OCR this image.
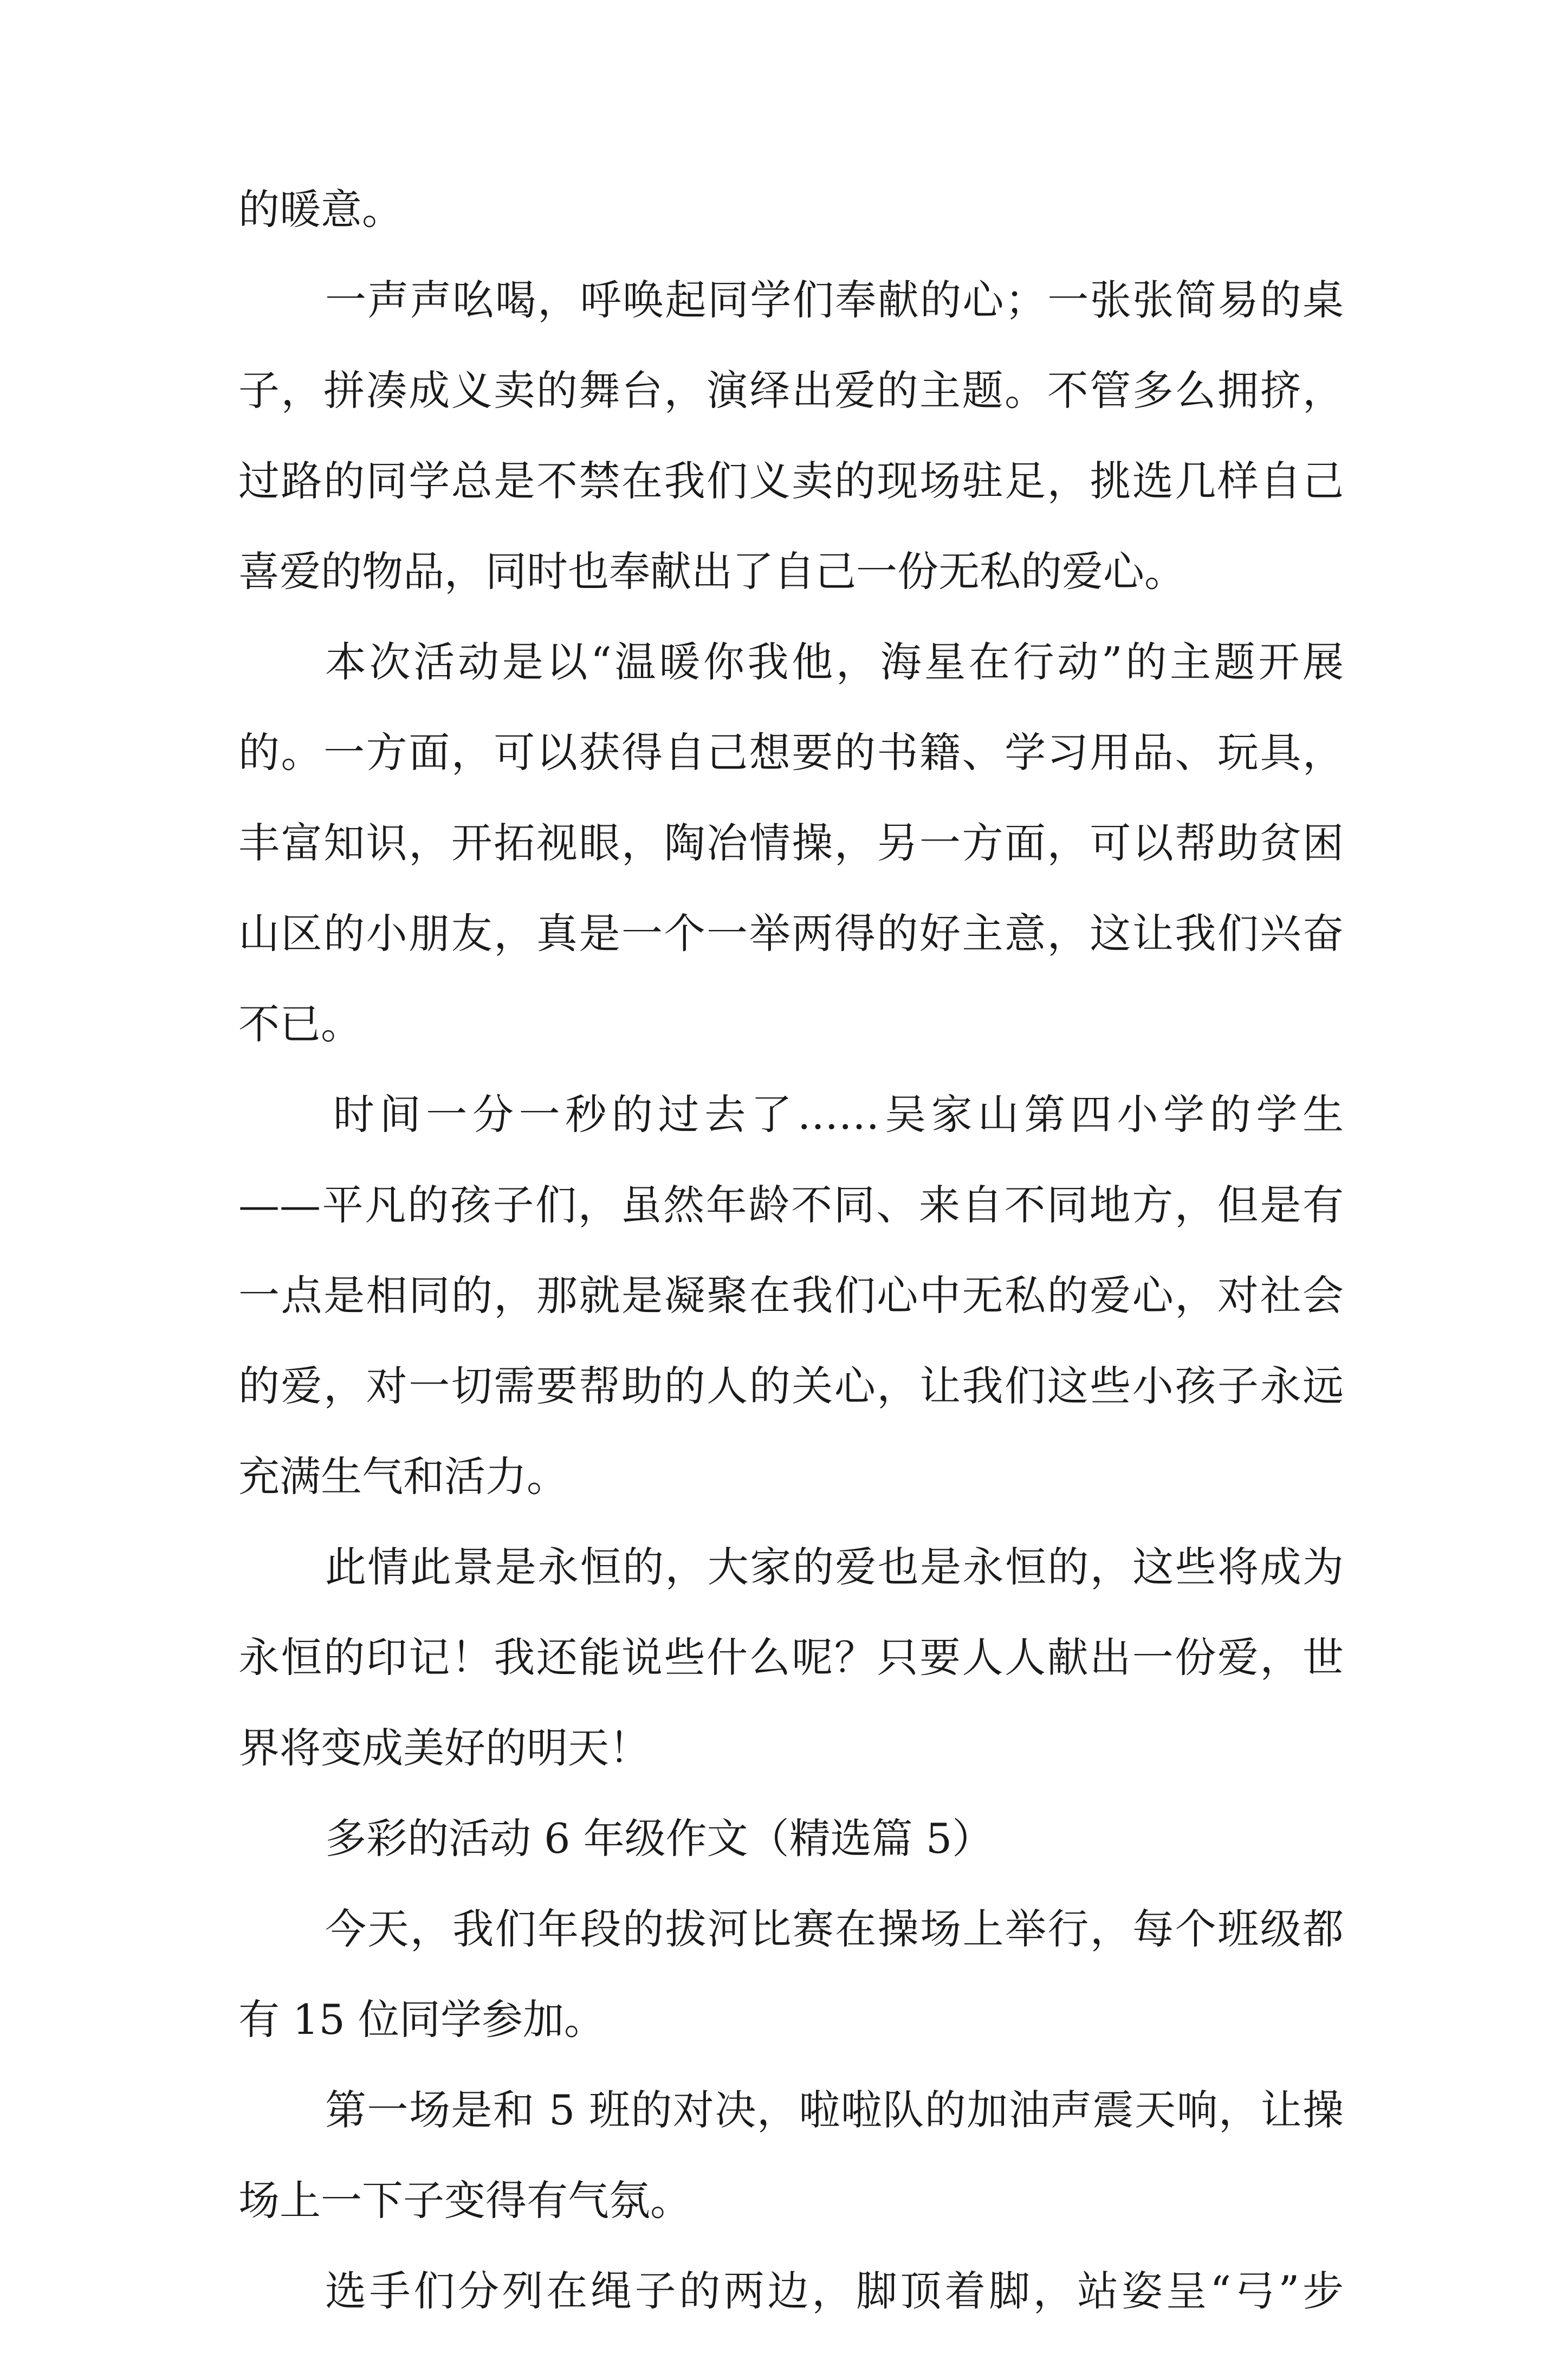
的暖意。
一声声吆喝，呼唤起同学们奉献的心；一张张简易的桌
子，拼凑成义卖的舞台，演绎出爱的主题。不管多么拥挤，
过路的同学总是不禁在我们义卖的现场驻足，挑选几样自己
喜爱的物品，同时也奉献出了自己一份无私的爱心。
本次活动是以“温暖你我他，海星在行动”的主题开展
的。一方面，可以获得自己想要的书籍、学习用品、玩具，
丰富知识，开拓视眼，陶冶情操，另一方面，可以帮助贫困
山区的小朋友，真是一个一举两得的好主意，这让我们兴奋
不已。
时间一分一秒的过去了……吴家山第四小学的学生
——平凡的孩子们，虽然年龄不同、来自不同地方，但是有
一点是相同的，那就是凝聚在我们心中无私的爱心，对社会
的爱，对一切需要帮助的人的关心，让我们这些小孩子永远
充满生气和活力。
此情此景是永恒的，大家的爱也是永恒的，这些将成为
永恒的印记！我还能说些什么呢？只要人人献出一份爱，世
界将变成美好的明天！
多彩的活动 6 年级作文（精选篇 5）
今天，我们年段的拔河比赛在操场上举行，每个班级都
有 15 位同学参加。
第一场是和 5 班的对决，啦啦队的加油声震天响，让操
场上一下子变得有气氛。
选手们分列在绳子的两边，脚顶着脚，站姿呈“弓”步
